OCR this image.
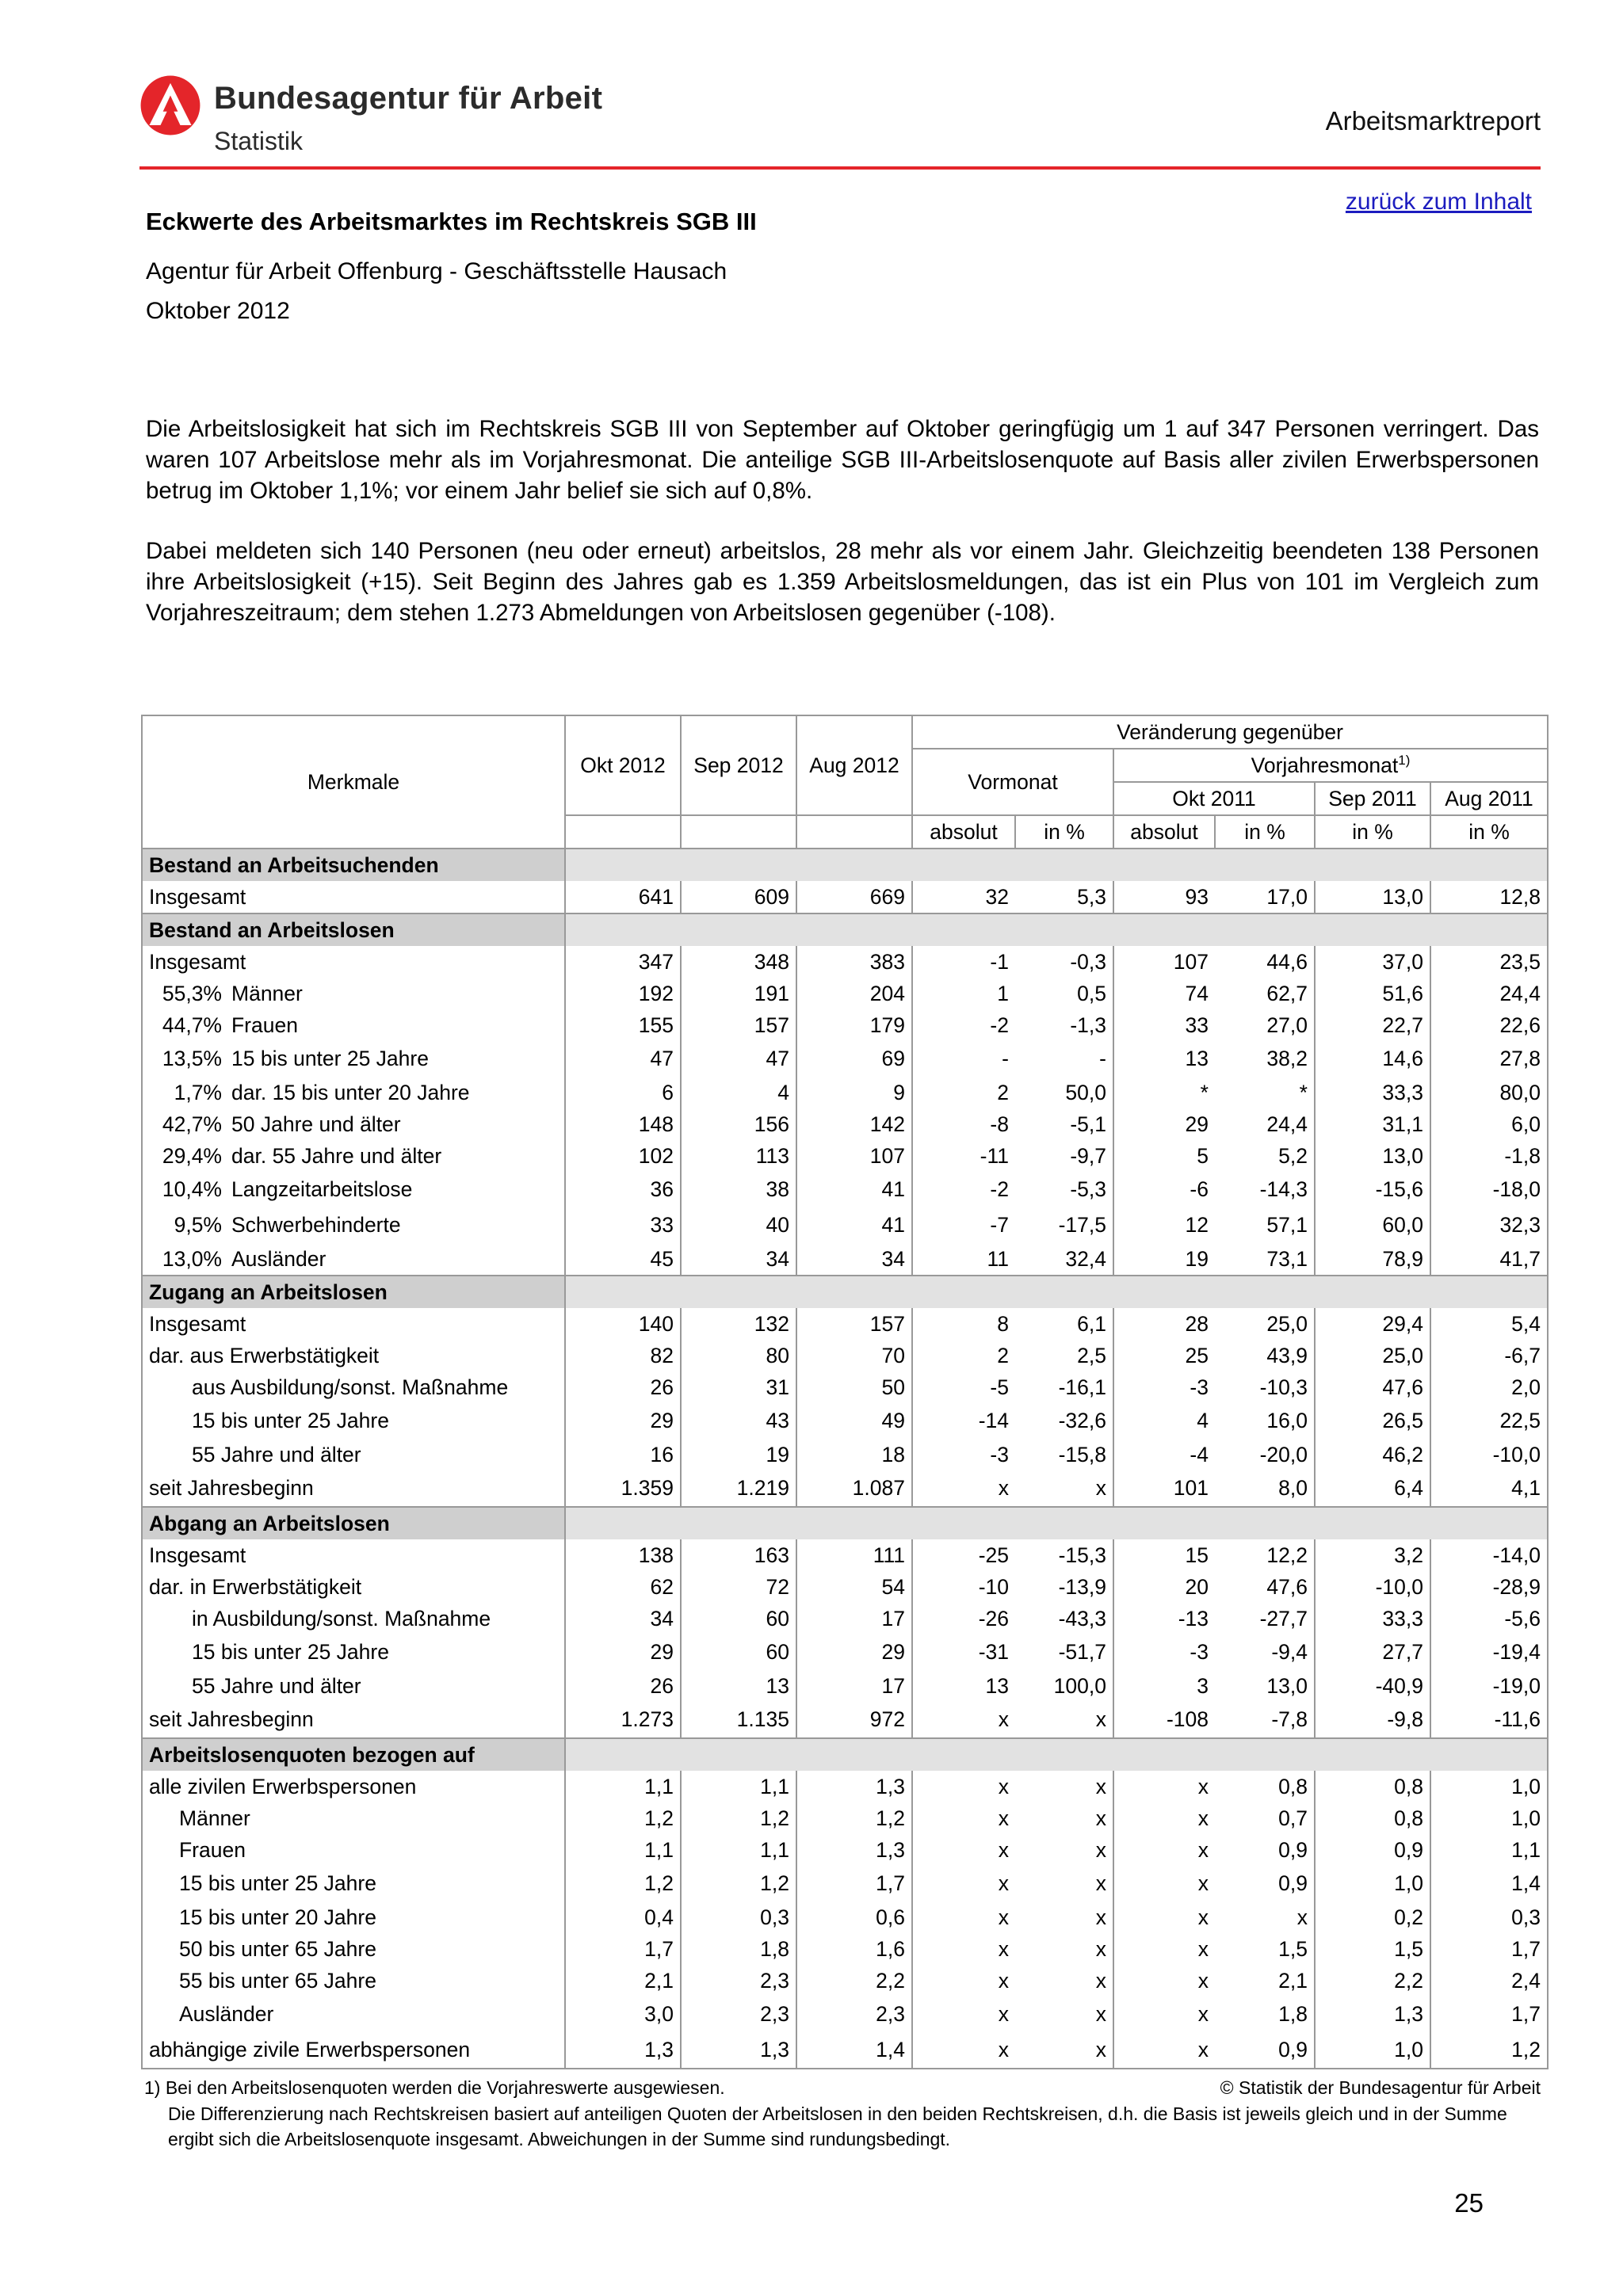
Bundesagentur für Arbeit
Statistik
Arbeitsmarktreport
zurück zum Inhalt
Eckwerte des Arbeitsmarktes im Rechtskreis SGB III
Agentur für Arbeit Offenburg - Geschäftsstelle Hausach
Oktober 2012
Die Arbeitslosigkeit hat sich im Rechtskreis SGB III von September auf Oktober geringfügig um 1 auf 347 Personen verringert. Das waren 107 Arbeitslose mehr als im Vorjahresmonat. Die anteilige SGB III-Arbeitslosenquote auf Basis aller zivilen Erwerbspersonen betrug im Oktober 1,1%; vor einem Jahr belief sie sich auf 0,8%.
Dabei meldeten sich 140 Personen (neu oder erneut) arbeitslos, 28 mehr als vor einem Jahr. Gleichzeitig beendeten 138 Personen ihre Arbeitslosigkeit (+15). Seit Beginn des Jahres gab es 1.359 Arbeitslosmeldungen, das ist ein Plus von 101 im Vergleich zum Vorjahreszeitraum; dem stehen 1.273 Abmeldungen von Arbeitslosen gegenüber (-108).
Merkmale	Okt 2012	Sep 2012	Aug 2012	Veränderung gegenüber					
				Vormonat		Vorjahresmonat$^{1)}$
						Okt 2011		Sep 2011	Aug 2011
				absolut	in %	absolut	in %	in %	in %
Bestand an Arbeitsuchenden									
Insgesamt	641	609	669	32	5,3	93	17,0	13,0	12,8
Bestand an Arbeitslosen									
Insgesamt	347	348	383	-1	-0,3	107	44,6	37,0	23,5
55,3% Männer	192	191	204	1	0,5	74	62,7	51,6	24,4
44,7% Frauen	155	157	179	-2	-1,3	33	27,0	22,7	22,6
13,5% 15 bis unter 25 Jahre	47	47	69	-	-	13	38,2	14,6	27,8
1,7% dar. 15 bis unter 20 Jahre	6	4	9	2	50,0	*	*	33,3	80,0
42,7% 50 Jahre und älter	148	156	142	-8	-5,1	29	24,4	31,1	6,0
29,4% dar. 55 Jahre und älter	102	113	107	-11	-9,7	5	5,2	13,0	-1,8
10,4% Langzeitarbeitslose	36	38	41	-2	-5,3	-6	-14,3	-15,6	-18,0
9,5% Schwerbehinderte	33	40	41	-7	-17,5	12	57,1	60,0	32,3
13,0% Ausländer	45	34	34	11	32,4	19	73,1	78,9	41,7
Zugang an Arbeitslosen									
Insgesamt	140	132	157	8	6,1	28	25,0	29,4	5,4
dar. aus Erwerbstätigkeit	82	80	70	2	2,5	25	43,9	25,0	-6,7
aus Ausbildung/sonst. Maßnahme	26	31	50	-5	-16,1	-3	-10,3	47,6	2,0
15 bis unter 25 Jahre	29	43	49	-14	-32,6	4	16,0	26,5	22,5
55 Jahre und älter	16	19	18	-3	-15,8	-4	-20,0	46,2	-10,0
seit Jahresbeginn	1.359	1.219	1.087	x	x	101	8,0	6,4	4,1
Abgang an Arbeitslosen									
Insgesamt	138	163	111	-25	-15,3	15	12,2	3,2	-14,0
dar. in Erwerbstätigkeit	62	72	54	-10	-13,9	20	47,6	-10,0	-28,9
in Ausbildung/sonst. Maßnahme	34	60	17	-26	-43,3	-13	-27,7	33,3	-5,6
15 bis unter 25 Jahre	29	60	29	-31	-51,7	-3	-9,4	27,7	-19,4
55 Jahre und älter	26	13	17	13	100,0	3	13,0	-40,9	-19,0
seit Jahresbeginn	1.273	1.135	972	x	x	-108	-7,8	-9,8	-11,6
Arbeitslosenquoten bezogen auf									
alle zivilen Erwerbspersonen	1,1	1,1	1,3	x	x	x	0,8	0,8	1,0
Männer	1,2	1,2	1,2	x	x	x	0,7	0,8	1,0
Frauen	1,1	1,1	1,3	x	x	x	0,9	0,9	1,1
15 bis unter 25 Jahre	1,2	1,2	1,7	x	x	x	0,9	1,0	1,4
15 bis unter 20 Jahre	0,4	0,3	0,6	x	x	x	x	0,2	0,3
50 bis unter 65 Jahre	1,7	1,8	1,6	x	x	x	1,5	1,5	1,7
55 bis unter 65 Jahre	2,1	2,3	2,2	x	x	x	2,1	2,2	2,4
Ausländer	3,0	2,3	2,3	x	x	x	1,8	1,3	1,7
abhängige zivile Erwerbspersonen	1,3	1,3	1,4	x	x	x	0,9	1,0	1,2
1) Bei den Arbeitslosenquoten werden die Vorjahreswerte ausgewiesen.	© Statistik der Bundesagentur für Arbeit
Die Differenzierung nach Rechtskreisen basiert auf anteiligen Quoten der Arbeitslosen in den beiden Rechtskreisen, d.h. die Basis ist jeweils gleich und in der Summe ergibt sich die Arbeitslosenquote insgesamt. Abweichungen in der Summe sind rundungsbedingt.
25
